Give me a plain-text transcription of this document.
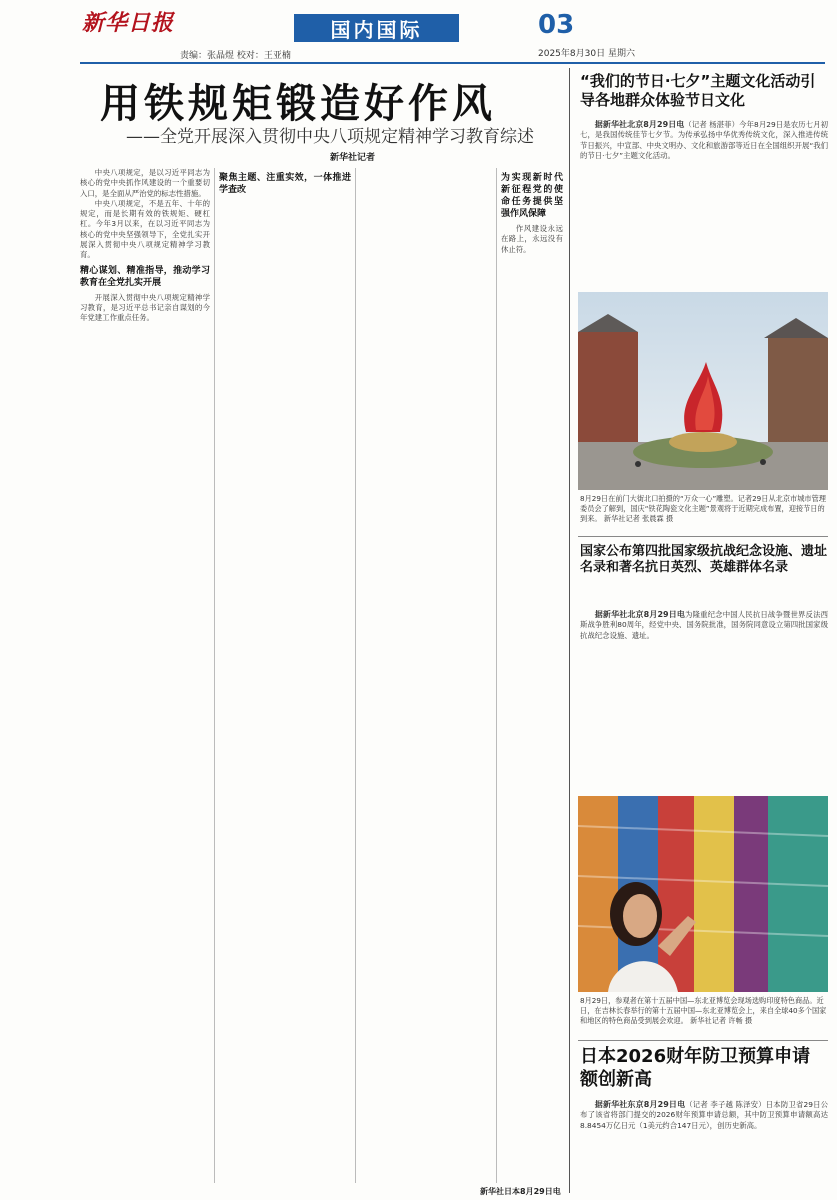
新华日报
责编：张晶煜 校对：王亚楠
国内国际	03
2025年8月30日 星期六
用铁规矩锻造好作风
——全党开展深入贯彻中央八项规定精神学习教育综述
新华社记者

中央八项规定，是以习近平同志为核心的党中央抓作风建设的一个重要切入口，是全面从严治党的标志性措施。

中央八项规定，不是五年、十年的规定，而是长期有效的铁规矩、硬杠杠。今年3月以来，在以习近平同志为核心的党中央坚强领导下，全党扎实开展深入贯彻中央八项规定精神学习教育。

精心谋划、精准指导，推动学习教育在全党扎实开展

开展深入贯彻中央八项规定精神学习教育，是习近平总书记亲自谋划的今年党建工作重点任务。

聚焦主题、注重实效，一体推进学查改
为实现新时代新征程党的使命任务提供坚强作风保障

作风建设永远在路上，永远没有休止符。

“我们的节日·七夕”主题文化活动引导各地群众体验节日文化

据新华社北京8月29日电（记者 杨湛菲）今年8月29日是农历七月初七，是我国传统佳节七夕节。为传承弘扬中华优秀传统文化，深入推进传统节日振兴，中宣部、中央文明办、文化和旅游部等近日在全国组织开展“我们的节日·七夕”主题文化活动。

8月29日在前门大街北口拍摄的“万众一心”雕塑。记者29日从北京市城市管理委员会了解到，国庆“铁花陶瓷文化主题”景观将于近期完成布置，迎接节日的到来。 新华社记者 张晨霖 摄
国家公布第四批国家级抗战纪念设施、遗址名录和著名抗日英烈、英雄群体名录

据新华社北京8月29日电为隆重纪念中国人民抗日战争暨世界反法西斯战争胜利80周年，经党中央、国务院批准，国务院同意设立第四批国家级抗战纪念设施、遗址。

8月29日，参观者在第十五届中国—东北亚博览会现场选购印度特色商品。近日，在吉林长春举行的第十五届中国—东北亚博览会上，来自全球40多个国家和地区的特色商品受到展会欢迎。 新华社记者 许畅 摄
日本2026财年防卫预算申请额创新高

据新华社东京8月29日电（记者 李子越 陈泽安）日本防卫省29日公布了该省将部门提交的2026财年预算申请总额，其中防卫预算申请额高达8.8454万亿日元（1美元约合147日元），创历史新高。

新华社日本8月29日电
